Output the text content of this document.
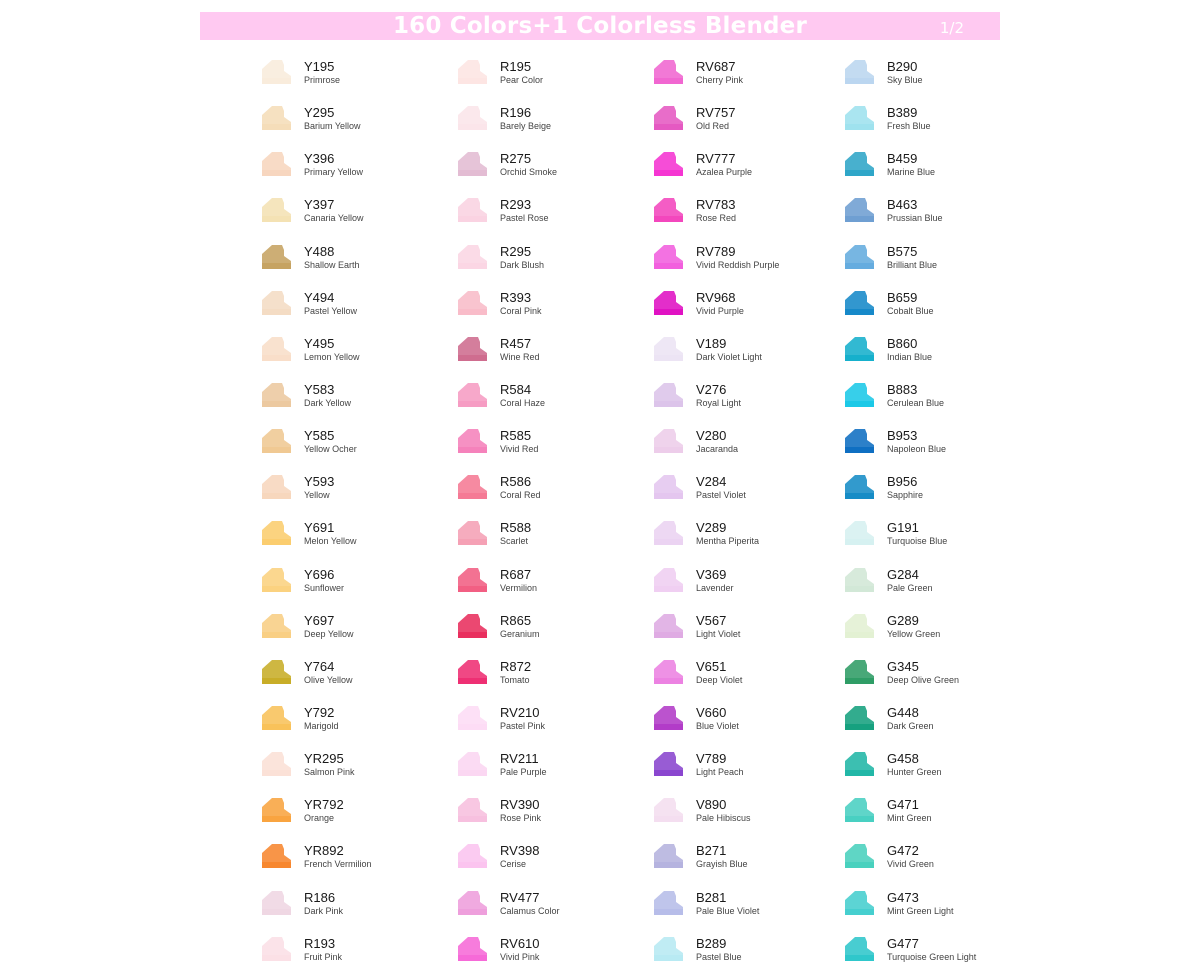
160 Colors+1 Colorless Blender	1/2
Y195
Primrose
R195
Pear Color
RV687
Cherry Pink
B290
Sky Blue
Y295
Barium Yellow
R196
Barely Beige
RV757
Old Red
B389
Fresh Blue
Y396
Primary Yellow
R275
Orchid Smoke
RV777
Azalea Purple
B459
Marine Blue
Y397
Canaria Yellow
R293
Pastel Rose
RV783
Rose Red
B463
Prussian Blue
Y488
Shallow Earth
R295
Dark Blush
RV789
Vivid Reddish Purple
B575
Brilliant Blue
Y494
Pastel Yellow
R393
Coral Pink
RV968
Vivid Purple
B659
Cobalt Blue
Y495
Lemon Yellow
R457
Wine Red
V189
Dark Violet Light
B860
Indian Blue
Y583
Dark Yellow
R584
Coral Haze
V276
Royal Light
B883
Cerulean Blue
Y585
Yellow Ocher
R585
Vivid Red
V280
Jacaranda
B953
Napoleon Blue
Y593
Yellow
R586
Coral Red
V284
Pastel Violet
B956
Sapphire
Y691
Melon Yellow
R588
Scarlet
V289
Mentha Piperita
G191
Turquoise Blue
Y696
Sunflower
R687
Vermilion
V369
Lavender
G284
Pale Green
Y697
Deep Yellow
R865
Geranium
V567
Light Violet
G289
Yellow Green
Y764
Olive Yellow
R872
Tomato
V651
Deep Violet
G345
Deep Olive Green
Y792
Marigold
RV210
Pastel Pink
V660
Blue Violet
G448
Dark Green
YR295
Salmon Pink
RV211
Pale Purple
V789
Light Peach
G458
Hunter Green
YR792
Orange
RV390
Rose Pink
V890
Pale Hibiscus
G471
Mint Green
YR892
French Vermilion
RV398
Cerise
B271
Grayish Blue
G472
Vivid Green
R186
Dark Pink
RV477
Calamus Color
B281
Pale Blue Violet
G473
Mint Green Light
R193
Fruit Pink
RV610
Vivid Pink
B289
Pastel Blue
G477
Turquoise Green Light
